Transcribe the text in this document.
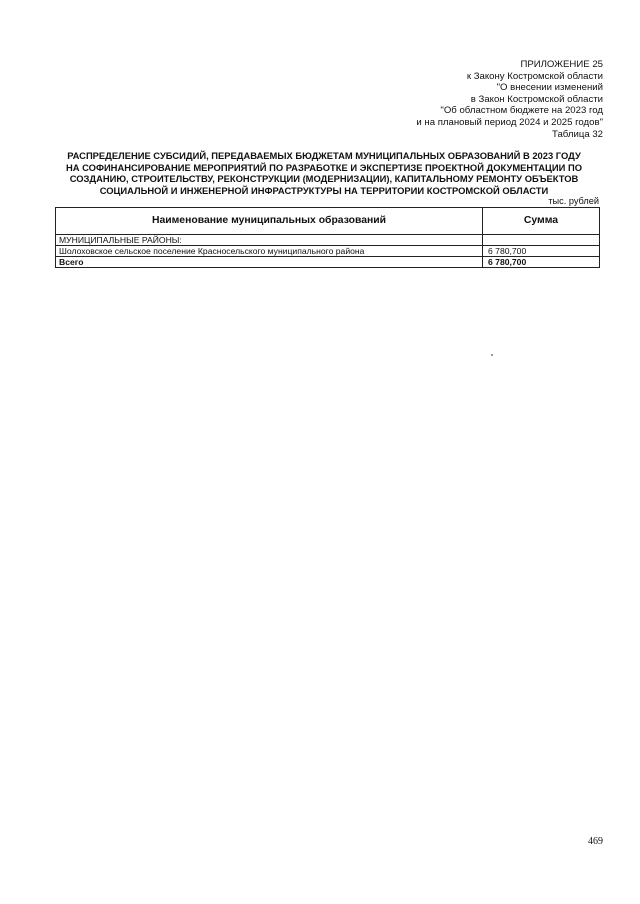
ПРИЛОЖЕНИЕ 25
к Закону Костромской области
"О внесении изменений
в Закон Костромской области
"Об областном бюджете на 2023 год
и на плановый период 2024 и 2025 годов"
Таблица 32
РАСПРЕДЕЛЕНИЕ СУБСИДИЙ, ПЕРЕДАВАЕМЫХ БЮДЖЕТАМ МУНИЦИПАЛЬНЫХ ОБРАЗОВАНИЙ В 2023 ГОДУ
НА СОФИНАНСИРОВАНИЕ МЕРОПРИЯТИЙ ПО РАЗРАБОТКЕ И ЭКСПЕРТИЗЕ ПРОЕКТНОЙ ДОКУМЕНТАЦИИ ПО
СОЗДАНИЮ, СТРОИТЕЛЬСТВУ, РЕКОНСТРУКЦИИ (МОДЕРНИЗАЦИИ), КАПИТАЛЬНОМУ РЕМОНТУ ОБЪЕКТОВ
СОЦИАЛЬНОЙ И ИНЖЕНЕРНОЙ ИНФРАСТРУКТУРЫ НА ТЕРРИТОРИИ КОСТРОМСКОЙ ОБЛАСТИ
тыс. рублей
Наименование муниципальных образований	Сумма
МУНИЦИПАЛЬНЫЕ РАЙОНЫ:	
Шолоховское сельское поселение Красносельского муниципального района	6 780,700
Всего	6 780,700
469
